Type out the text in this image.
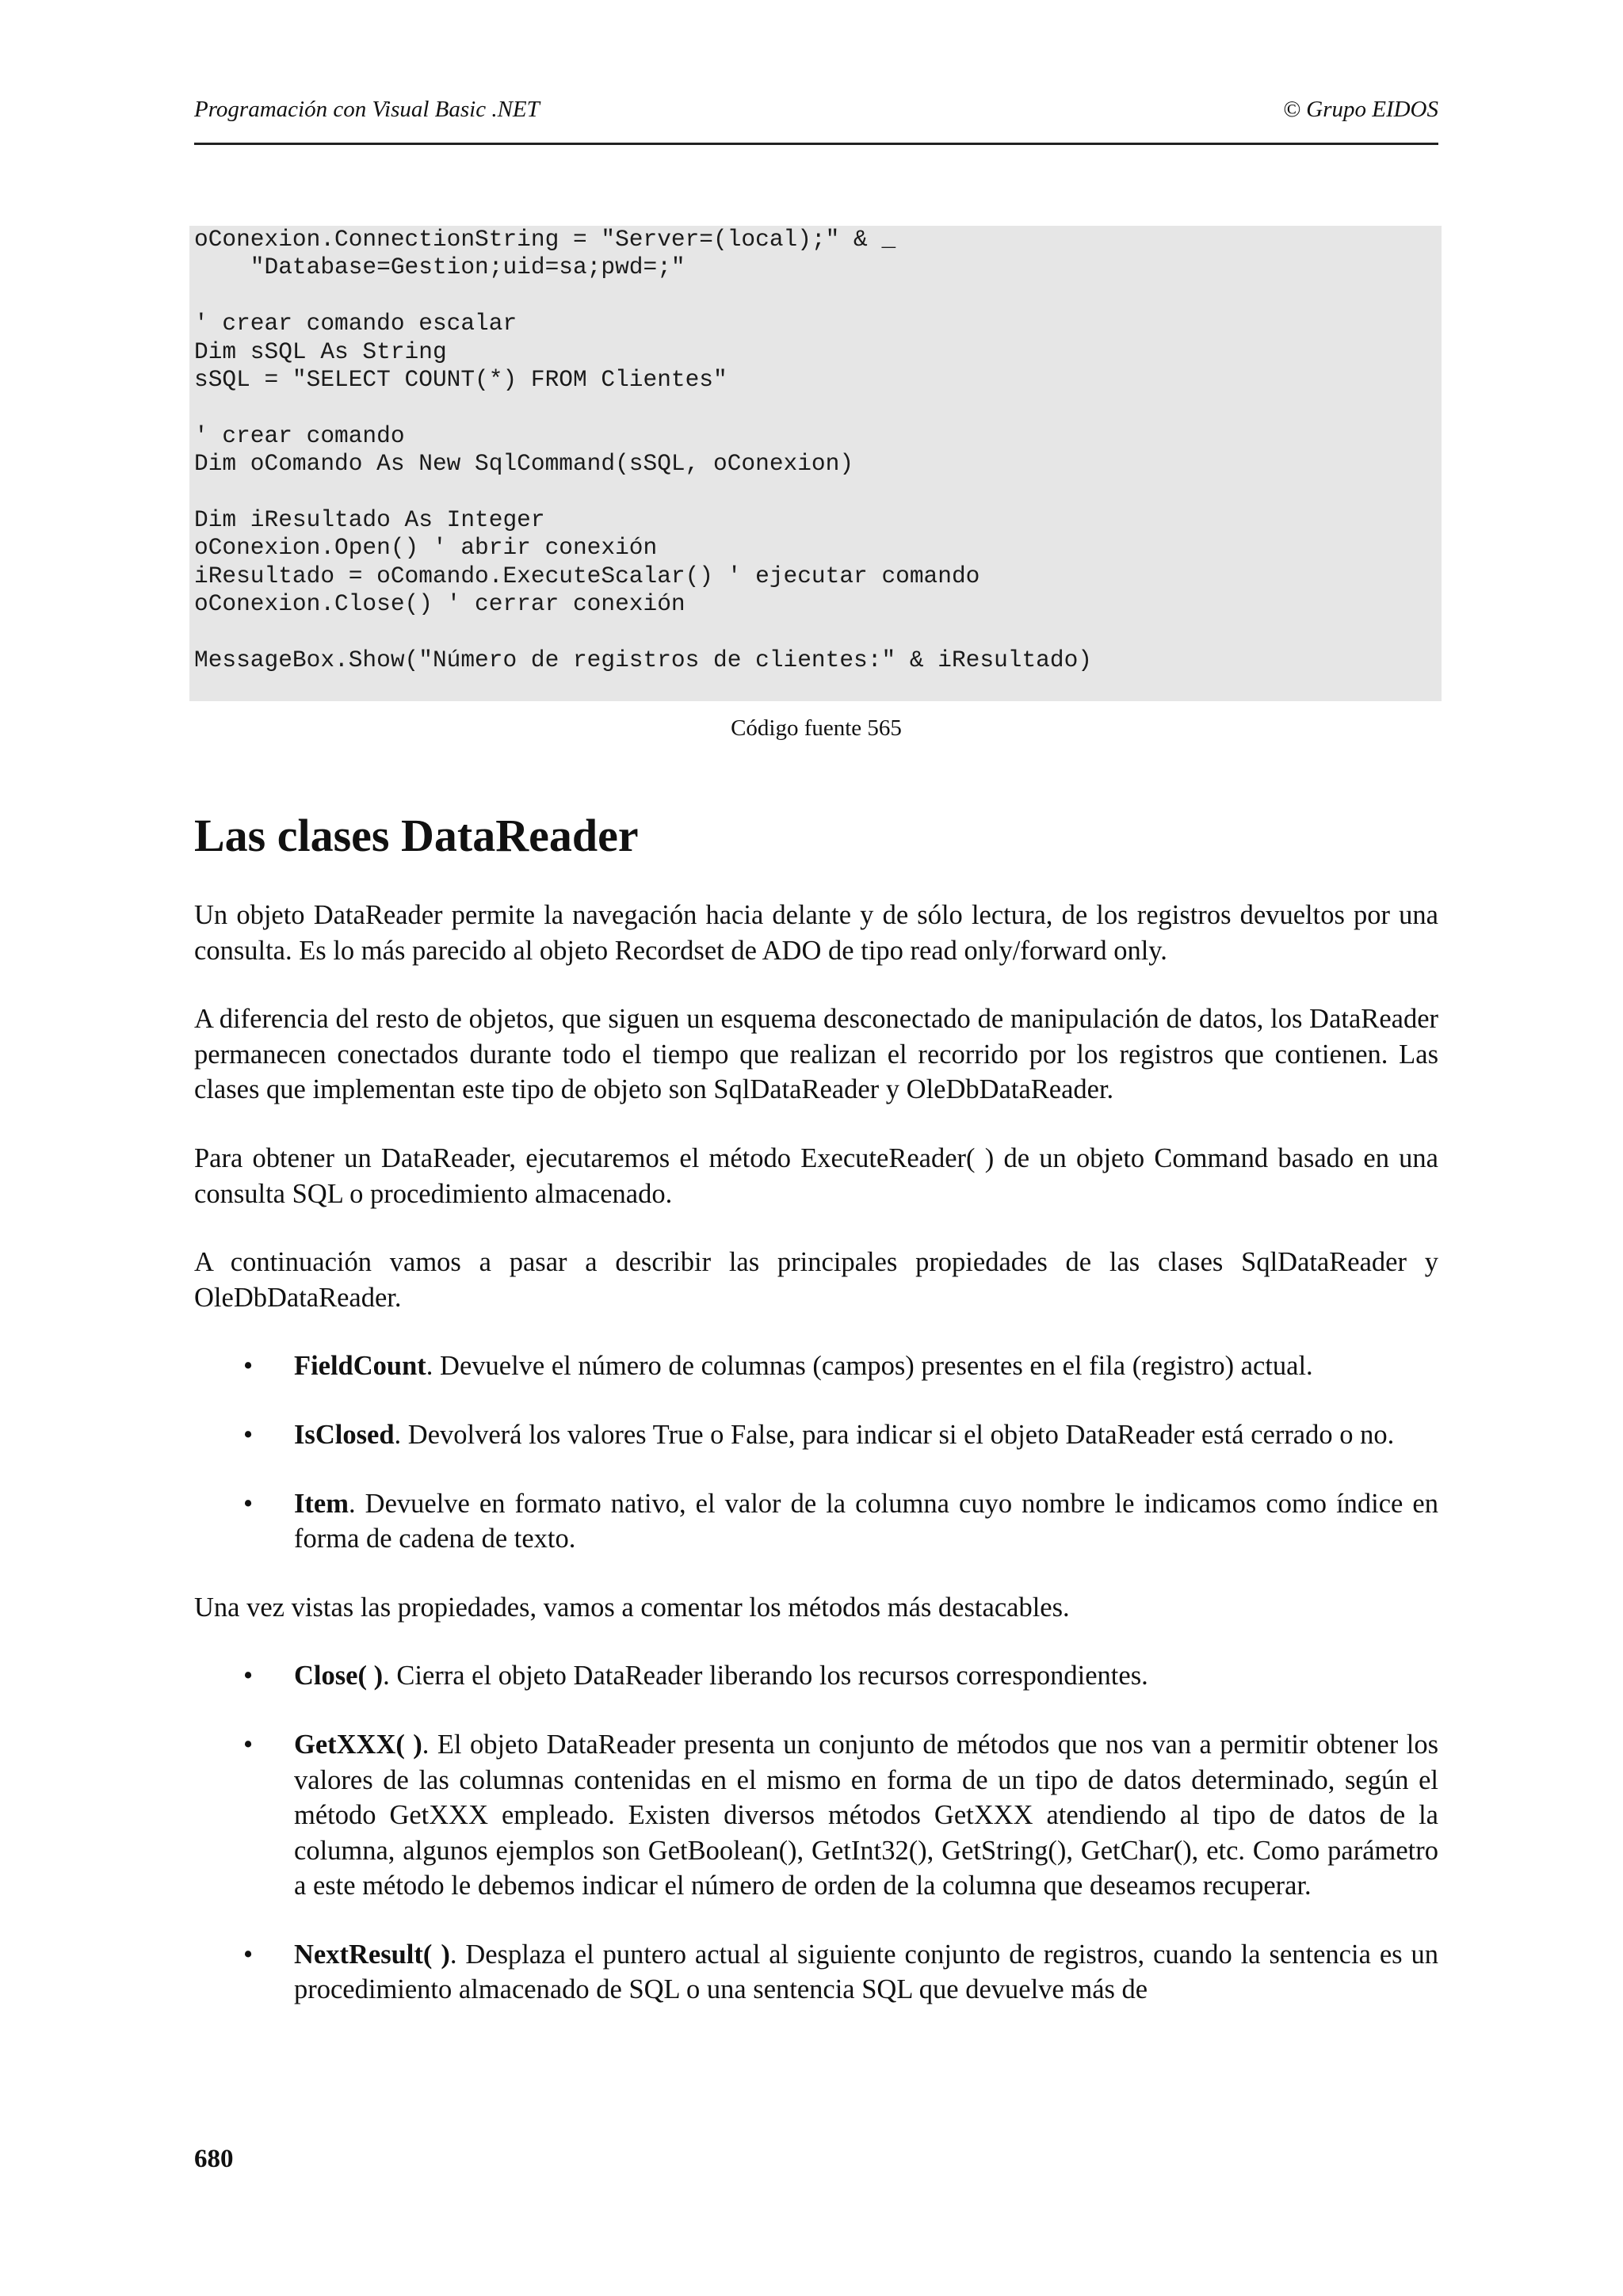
Programación con Visual Basic .NET	© Grupo EIDOS
oConexion.ConnectionString = "Server=(local);" & _
"Database=Gestion;uid=sa;pwd=;"
' crear comando escalar
Dim sSQL As String
sSQL = "SELECT COUNT(*) FROM Clientes"
' crear comando
Dim oComando As New SqlCommand(sSQL, oConexion)
Dim iResultado As Integer
oConexion.Open() ' abrir conexión
iResultado = oComando.ExecuteScalar() ' ejecutar comando
oConexion.Close() ' cerrar conexión
MessageBox.Show("Número de registros de clientes:" & iResultado)
Código fuente 565
Las clases DataReader

Un objeto DataReader permite la navegación hacia delante y de sólo lectura, de los registros devueltos por una consulta. Es lo más parecido al objeto Recordset de ADO de tipo read only/forward only.

A diferencia del resto de objetos, que siguen un esquema desconectado de manipulación de datos, los DataReader permanecen conectados durante todo el tiempo que realizan el recorrido por los registros que contienen. Las clases que implementan este tipo de objeto son SqlDataReader y OleDbDataReader.

Para obtener un DataReader, ejecutaremos el método ExecuteReader( ) de un objeto Command basado en una consulta SQL o procedimiento almacenado.

A continuación vamos a pasar a describir las principales propiedades de las clases SqlDataReader y OleDbDataReader.

• FieldCount. Devuelve el número de columnas (campos) presentes en el fila (registro) actual.
• IsClosed. Devolverá los valores True o False, para indicar si el objeto DataReader está cerrado o no.
• Item. Devuelve en formato nativo, el valor de la columna cuyo nombre le indicamos como índice en forma de cadena de texto.

Una vez vistas las propiedades, vamos a comentar los métodos más destacables.

• Close( ). Cierra el objeto DataReader liberando los recursos correspondientes.
• GetXXX( ). El objeto DataReader presenta un conjunto de métodos que nos van a permitir obtener los valores de las columnas contenidas en el mismo en forma de un tipo de datos determinado, según el método GetXXX empleado. Existen diversos métodos GetXXX atendiendo al tipo de datos de la columna, algunos ejemplos son GetBoolean(), GetInt32(), GetString(), GetChar(), etc. Como parámetro a este método le debemos indicar el número de orden de la columna que deseamos recuperar.
• NextResult( ). Desplaza el puntero actual al siguiente conjunto de registros, cuando la sentencia es un procedimiento almacenado de SQL o una sentencia SQL que devuelve más de
680
